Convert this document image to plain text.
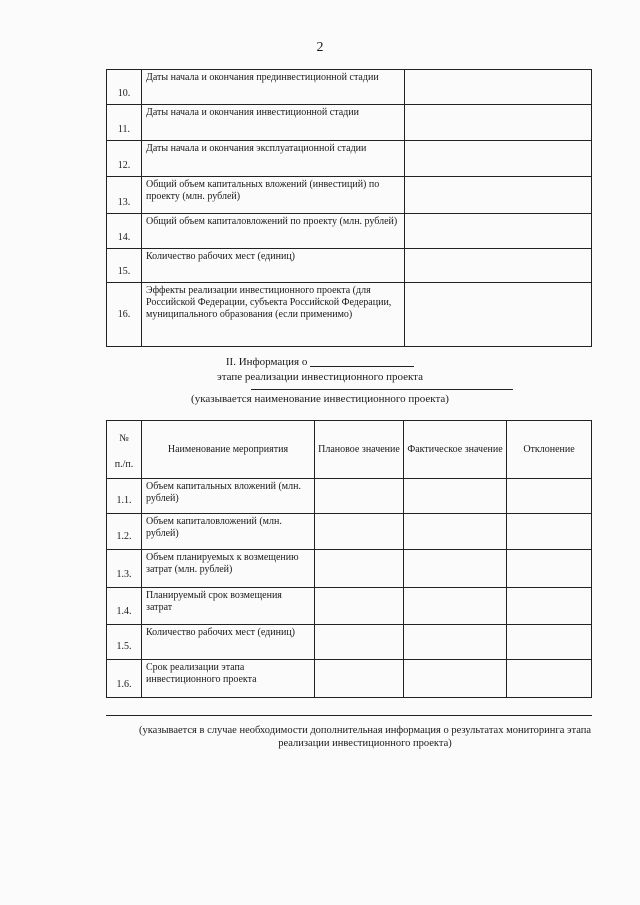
2
10.	Даты начала и окончания прединвестиционной стадии	
11.	Даты начала и окончания инвестиционной стадии	
12.	Даты начала и окончания эксплуатационной стадии	
13.	Общий объем капитальных вложений (инвестиций) по проекту (млн. рублей)	
14.	Общий объем капиталовложений по проекту (млн. рублей)	
15.	Количество рабочих мест (единиц)	
16.	Эффекты реализации инвестиционного проекта (для Российской Федерации, субъекта Российской Федерации, муниципального образования (если применимо)	
II. Информация о
этапе реализации инвестиционного проекта
(указывается наименование инвестиционного проекта)
№
п./п.	Наименование мероприятия	Плановое значение	Фактическое значение	Отклонение
1.1.	Объем капитальных вложений (млн. рублей)			
1.2.	Объем капиталовложений (млн. рублей)			
1.3.	Объем планируемых к возмещению затрат (млн. рублей)			
1.4.	Планируемый срок возмещения затрат			
1.5.	Количество рабочих мест (единиц)			
1.6.	Срок реализации этапа инвестиционного проекта			
(указывается в случае необходимости дополнительная информация о результатах мониторинга этапа реализации инвестиционного проекта)
